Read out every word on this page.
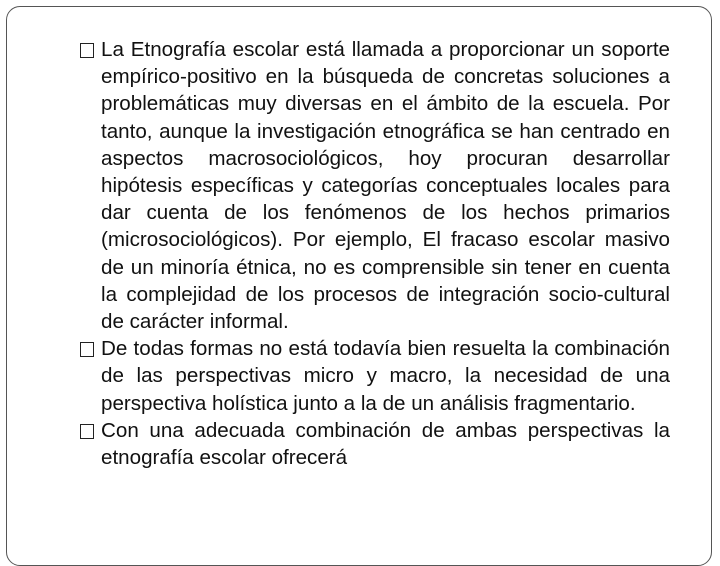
La Etnografía escolar está llamada a proporcionar un soporte empírico-positivo en la búsqueda de concretas soluciones a problemáticas muy diversas en el ámbito de la escuela. Por tanto, aunque la investigación etnográfica se han centrado en aspectos macrosociológicos, hoy procuran desarrollar hipótesis específicas y categorías conceptuales locales para dar cuenta de los fenómenos de los hechos primarios (microsociológicos). Por ejemplo, El fracaso escolar masivo de un minoría étnica, no es comprensible sin tener en cuenta la complejidad de los procesos de integración socio-cultural de carácter informal.
De todas formas no está todavía bien resuelta la combinación de las perspectivas micro y macro, la necesidad de una perspectiva holística junto a la de un análisis fragmentario.
Con una adecuada combinación de ambas perspectivas la etnografía escolar ofrecerá
